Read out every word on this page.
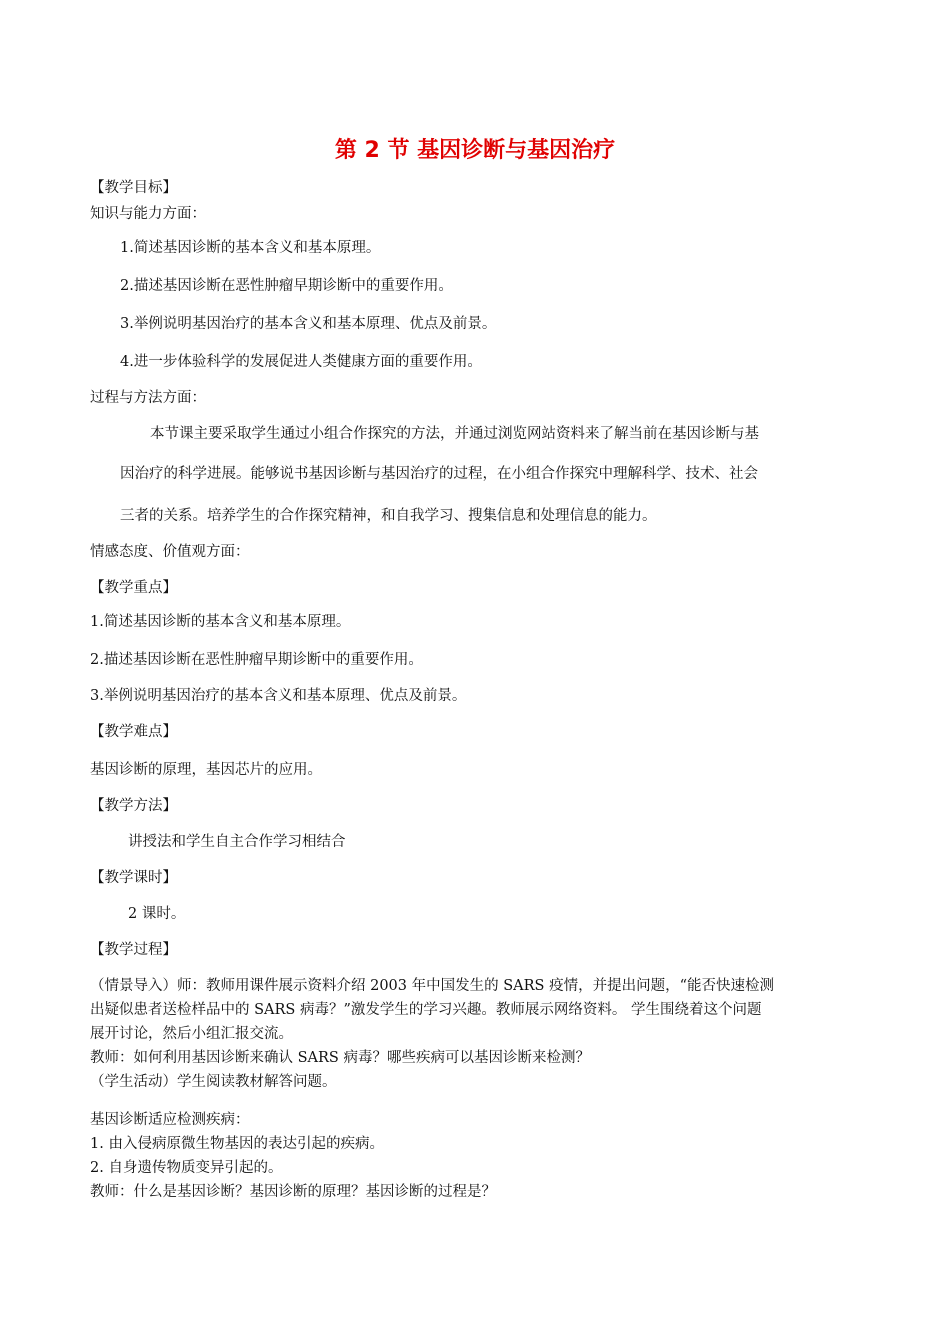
第 2 节 基因诊断与基因治疗
【教学目标】
知识与能力方面：
1.简述基因诊断的基本含义和基本原理。
2.描述基因诊断在恶性肿瘤早期诊断中的重要作用。
3.举例说明基因治疗的基本含义和基本原理、优点及前景。
4.进一步体验科学的发展促进人类健康方面的重要作用。
过程与方法方面：
本节课主要采取学生通过小组合作探究的方法，并通过浏览网站资料来了解当前在基因诊断与基
因治疗的科学进展。能够说书基因诊断与基因治疗的过程，在小组合作探究中理解科学、技术、社会
三者的关系。培养学生的合作探究精神，和自我学习、搜集信息和处理信息的能力。
情感态度、价值观方面：
【教学重点】
1.简述基因诊断的基本含义和基本原理。
2.描述基因诊断在恶性肿瘤早期诊断中的重要作用。
3.举例说明基因治疗的基本含义和基本原理、优点及前景。
【教学难点】
基因诊断的原理，基因芯片的应用。
【教学方法】
讲授法和学生自主合作学习相结合
【教学课时】
2 课时。
【教学过程】
（情景导入）师：教师用课件展示资料介绍 2003 年中国发生的 SARS 疫情，并提出问题，“能否快速检测
出疑似患者送检样品中的 SARS 病毒？”激发学生的学习兴趣。教师展示网络资料。 学生围绕着这个问题
展开讨论，然后小组汇报交流。
教师：如何利用基因诊断来确认 SARS 病毒？哪些疾病可以基因诊断来检测？
（学生活动）学生阅读教材解答问题。
基因诊断适应检测疾病：
1. 由入侵病原微生物基因的表达引起的疾病。
2. 自身遗传物质变异引起的。
教师：什么是基因诊断？基因诊断的原理？基因诊断的过程是？
